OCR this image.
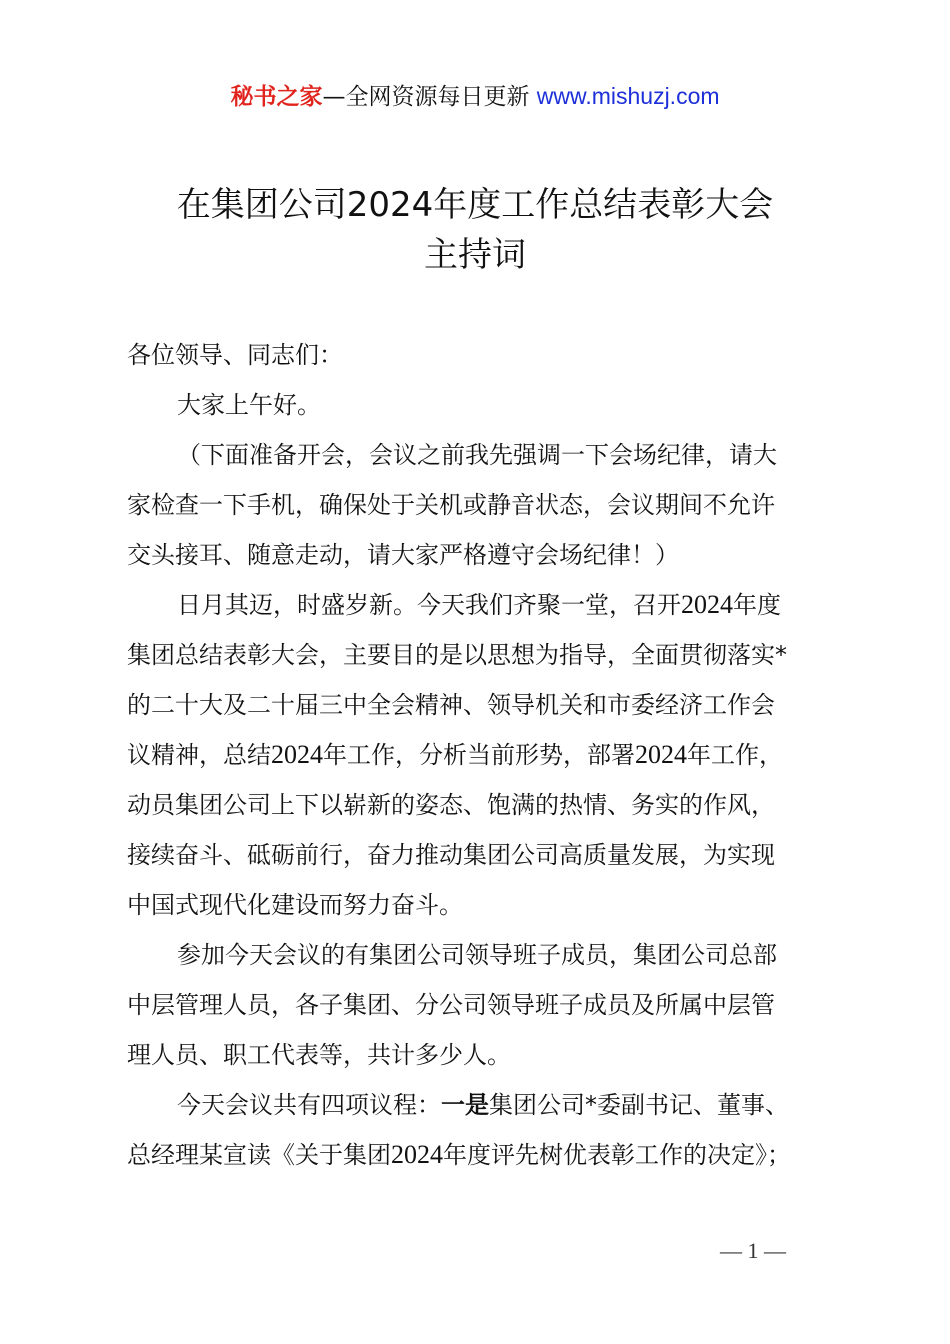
秘书之家—全网资源每日更新 www.mishuzj.com
在集团公司2024年度工作总结表彰大会
主持词
各位领导、同志们：
大家上午好。
（下面准备开会，会议之前我先强调一下会场纪律，请大
家检查一下手机，确保处于关机或静音状态，会议期间不允许
交头接耳、随意走动，请大家严格遵守会场纪律！）
日月其迈，时盛岁新。今天我们齐聚一堂，召开2024年度
集团总结表彰大会，主要目的是以思想为指导，全面贯彻落实*
的二十大及二十届三中全会精神、领导机关和市委经济工作会
议精神，总结2024年工作，分析当前形势，部署2024年工作，
动员集团公司上下以崭新的姿态、饱满的热情、务实的作风，
接续奋斗、砥砺前行，奋力推动集团公司高质量发展，为实现
中国式现代化建设而努力奋斗。
参加今天会议的有集团公司领导班子成员，集团公司总部
中层管理人员，各子集团、分公司领导班子成员及所属中层管
理人员、职工代表等，共计多少人。
今天会议共有四项议程：一是集团公司*委副书记、董事、
总经理某宣读《关于集团2024年度评先树优表彰工作的决定》；
— 1 —
